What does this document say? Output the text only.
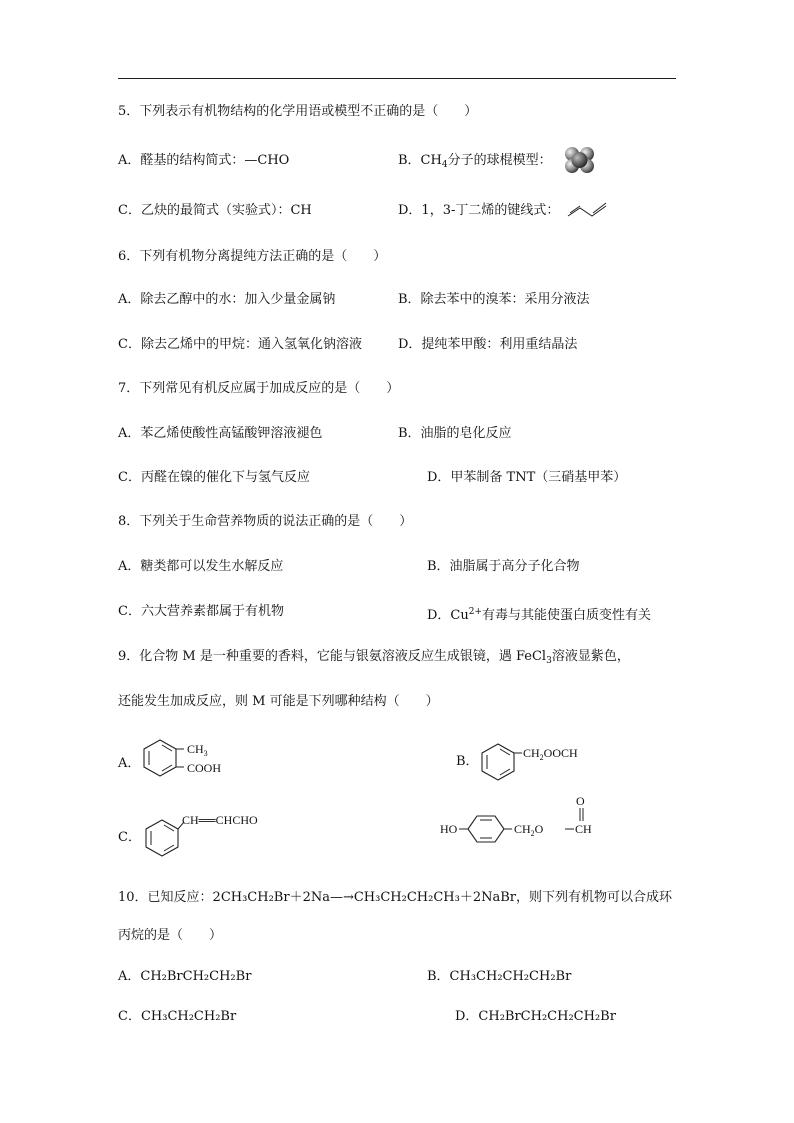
5．下列表示有机物结构的化学用语或模型不正确的是（　　）
A．醛基的结构简式：—CHO	B．$CH_4$分子的球棍模型：
C．乙炔的最简式（实验式）：CH	D．1，3-丁二烯的键线式：
6．下列有机物分离提纯方法正确的是（　　）
A．除去乙醇中的水：加入少量金属钠	B．除去苯中的溴苯：采用分液法
C．除去乙烯中的甲烷：通入氢氧化钠溶液	D．提纯苯甲酸：利用重结晶法
7．下列常见有机反应属于加成反应的是（　　）
A．苯乙烯使酸性高锰酸钾溶液褪色	B．油脂的皂化反应
C．丙醛在镍的催化下与氢气反应	D．甲苯制备 TNT（三硝基甲苯）
8．下列关于生命营养物质的说法正确的是（　　）
A．糖类都可以发生水解反应	B．油脂属于高分子化合物
C．六大营养素都属于有机物	D．$Cu^{2+}$有毒与其能使蛋白质变性有关
9．化合物 M 是一种重要的香料，它能与银氨溶液反应生成银镜，遇 FeCl$_3$溶液显紫色，
还能发生加成反应，则 M 可能是下列哪种结构（　　）
A．
$CH_3$
COOH	B．
$CH_2OOCH$
C．
CH══CHCHO
HO	$CH_2O$	CH
O
10．已知反应：2CH₃CH₂Br＋2Na—→CH₃CH₂CH₂CH₃＋2NaBr，则下列有机物可以合成环
丙烷的是（　　）
A．CH₂BrCH₂CH₂Br	B．CH₃CH₂CH₂CH₂Br
C．CH₃CH₂CH₂Br	D．CH₂BrCH₂CH₂CH₂Br
